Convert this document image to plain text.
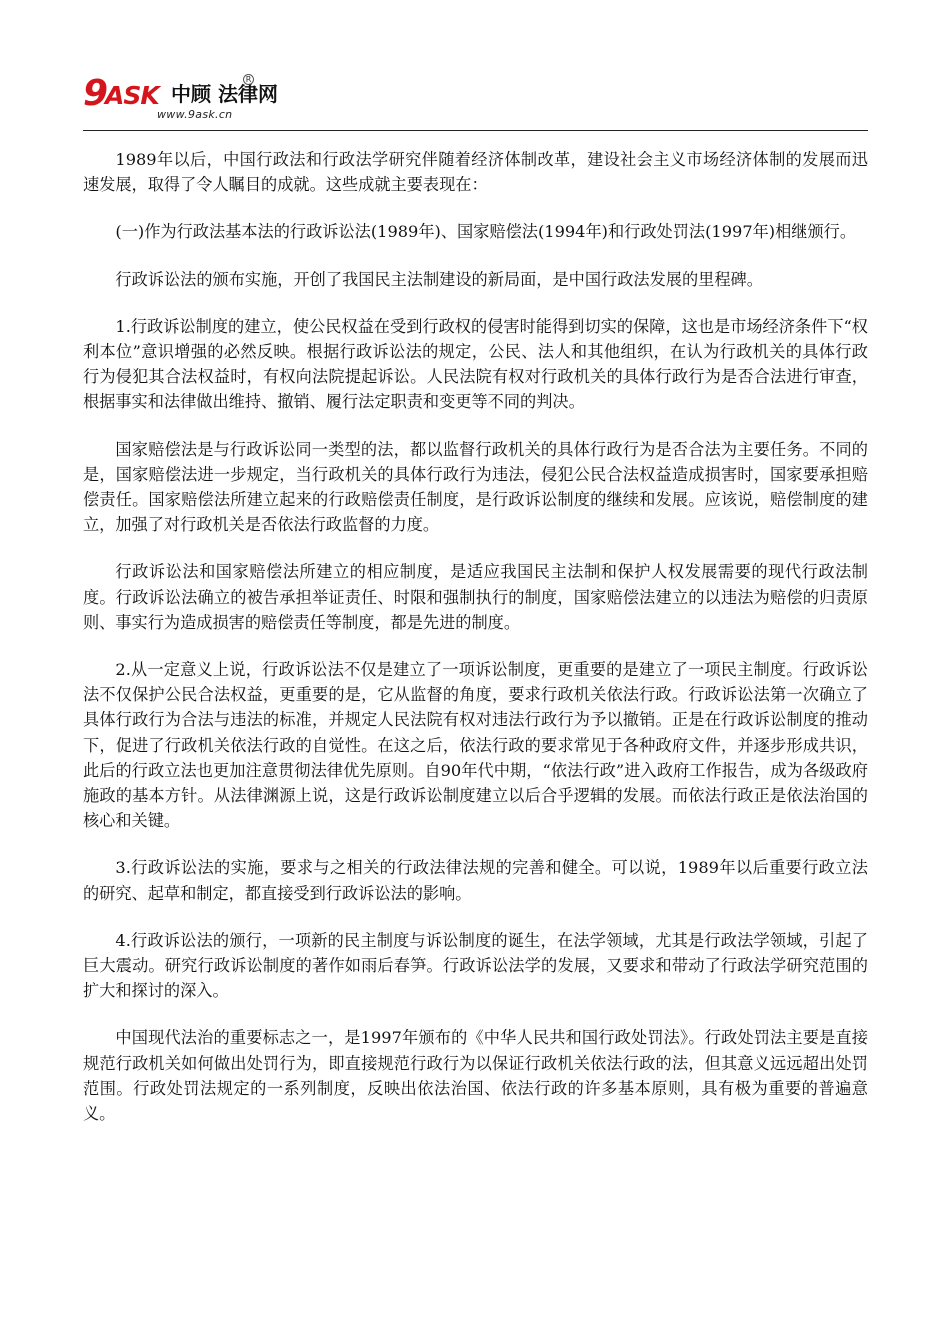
9
ASK 中顾 法律网
R
www.9ask.cn

1989年以后，中国行政法和行政法学研究伴随着经济体制改革，建设社会主义市场经济体制的发展而迅速发展，取得了令人瞩目的成就。这些成就主要表现在：

(一)作为行政法基本法的行政诉讼法(1989年)、国家赔偿法(1994年)和行政处罚法(1997年)相继颁行。

行政诉讼法的颁布实施，开创了我国民主法制建设的新局面，是中国行政法发展的里程碑。

1.行政诉讼制度的建立，使公民权益在受到行政权的侵害时能得到切实的保障，这也是市场经济条件下“权利本位”意识增强的必然反映。根据行政诉讼法的规定，公民、法人和其他组织，在认为行政机关的具体行政行为侵犯其合法权益时，有权向法院提起诉讼。人民法院有权对行政机关的具体行政行为是否合法进行审查，根据事实和法律做出维持、撤销、履行法定职责和变更等不同的判决。

国家赔偿法是与行政诉讼同一类型的法，都以监督行政机关的具体行政行为是否合法为主要任务。不同的是，国家赔偿法进一步规定，当行政机关的具体行政行为违法，侵犯公民合法权益造成损害时，国家要承担赔偿责任。国家赔偿法所建立起来的行政赔偿责任制度，是行政诉讼制度的继续和发展。应该说，赔偿制度的建立，加强了对行政机关是否依法行政监督的力度。

行政诉讼法和国家赔偿法所建立的相应制度，是适应我国民主法制和保护人权发展需要的现代行政法制度。行政诉讼法确立的被告承担举证责任、时限和强制执行的制度，国家赔偿法建立的以违法为赔偿的归责原则、事实行为造成损害的赔偿责任等制度，都是先进的制度。

2.从一定意义上说，行政诉讼法不仅是建立了一项诉讼制度，更重要的是建立了一项民主制度。行政诉讼法不仅保护公民合法权益，更重要的是，它从监督的角度，要求行政机关依法行政。行政诉讼法第一次确立了具体行政行为合法与违法的标准，并规定人民法院有权对违法行政行为予以撤销。正是在行政诉讼制度的推动下，促进了行政机关依法行政的自觉性。在这之后，依法行政的要求常见于各种政府文件，并逐步形成共识，此后的行政立法也更加注意贯彻法律优先原则。自90年代中期，“依法行政”进入政府工作报告，成为各级政府施政的基本方针。从法律渊源上说，这是行政诉讼制度建立以后合乎逻辑的发展。而依法行政正是依法治国的核心和关键。

3.行政诉讼法的实施，要求与之相关的行政法律法规的完善和健全。可以说，1989年以后重要行政立法的研究、起草和制定，都直接受到行政诉讼法的影响。

4.行政诉讼法的颁行，一项新的民主制度与诉讼制度的诞生，在法学领域，尤其是行政法学领域，引起了巨大震动。研究行政诉讼制度的著作如雨后春笋。行政诉讼法学的发展，又要求和带动了行政法学研究范围的扩大和探讨的深入。

中国现代法治的重要标志之一，是1997年颁布的《中华人民共和国行政处罚法》。行政处罚法主要是直接规范行政机关如何做出处罚行为，即直接规范行政行为以保证行政机关依法行政的法，但其意义远远超出处罚范围。行政处罚法规定的一系列制度，反映出依法治国、依法行政的许多基本原则，具有极为重要的普遍意义。
